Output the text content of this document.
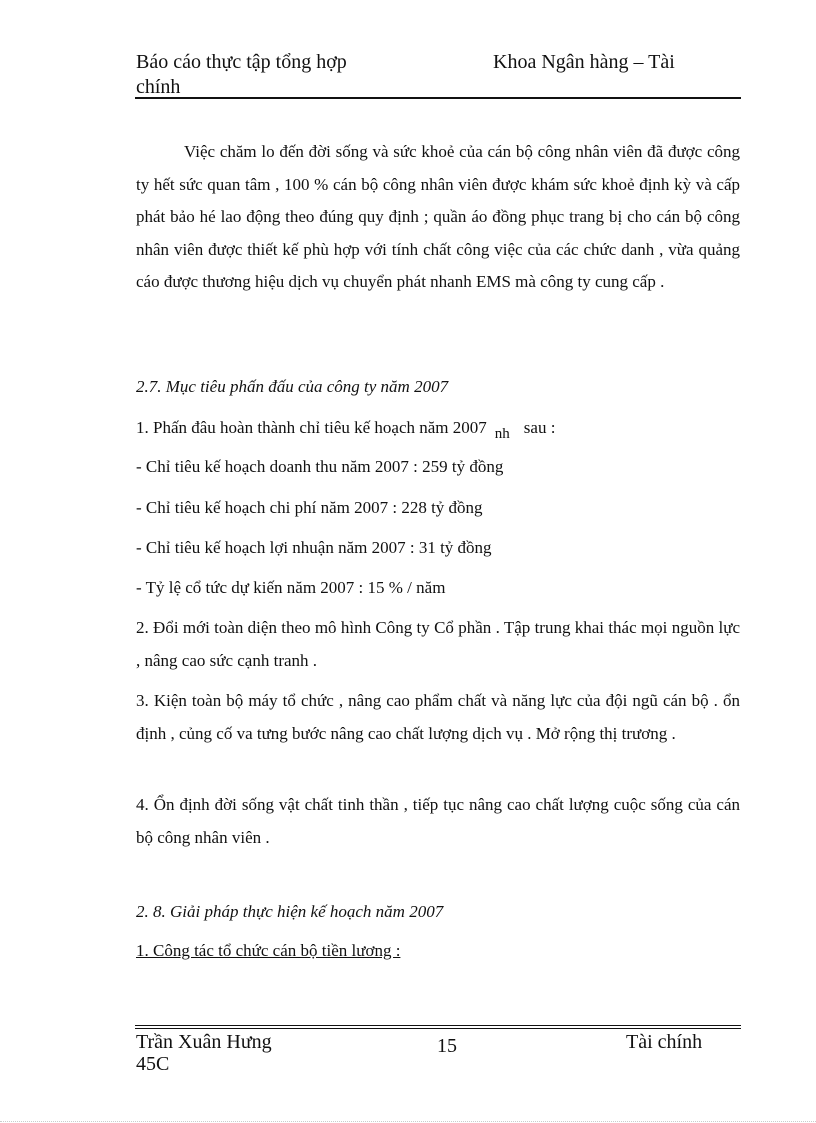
Báo cáo thực tập tổng hợp
chính
Khoa Ngân hàng – Tài
Việc chăm lo đến đời sống và sức khoẻ của cán bộ công nhân viên đã được công ty hết sức quan tâm , 100 % cán bộ công nhân viên được khám sức khoẻ định kỳ và cấp phát bảo hé lao động theo đúng quy định ; quần áo đồng phục trang bị cho cán bộ công nhân viên được thiết kế phù hợp với tính chất công việc của các chức danh , vừa quảng cáo được thương hiệu dịch vụ chuyển phát nhanh EMS mà công ty cung cấp .
2.7. Mục tiêu phấn đấu của công ty năm 2007
1. Phấn đâu hoàn thành chỉ tiêu kế hoạch năm 2007 nh sau :
- Chỉ tiêu kế hoạch doanh thu năm 2007 : 259 tỷ đồng
- Chỉ tiêu kế hoạch chi phí năm 2007 : 228 tỷ đồng
- Chỉ tiêu kế hoạch lợi nhuận năm 2007 : 31 tỷ đồng
- Tỷ lệ cổ tức dự kiến năm 2007 : 15 % / năm
2. Đổi mới toàn diện theo mô hình Công ty Cổ phần . Tập trung khai thác mọi nguồn lực , nâng cao sức cạnh tranh .
3. Kiện toàn bộ máy tổ chức , nâng cao phẩm chất và năng lực của đội ngũ cán bộ . ổn định , củng cố va tưng bước nâng cao chất lượng dịch vụ . Mở rộng thị trương .
4. Ổn định đời sống vật chất tinh thần , tiếp tục nâng cao chất lượng cuộc sống của cán bộ công nhân viên .
2. 8. Giải pháp thực hiện kế hoạch năm 2007
1. Công tác tổ chức cán bộ tiền lương :
Trần Xuân Hưng
45C
15	Tài chính
